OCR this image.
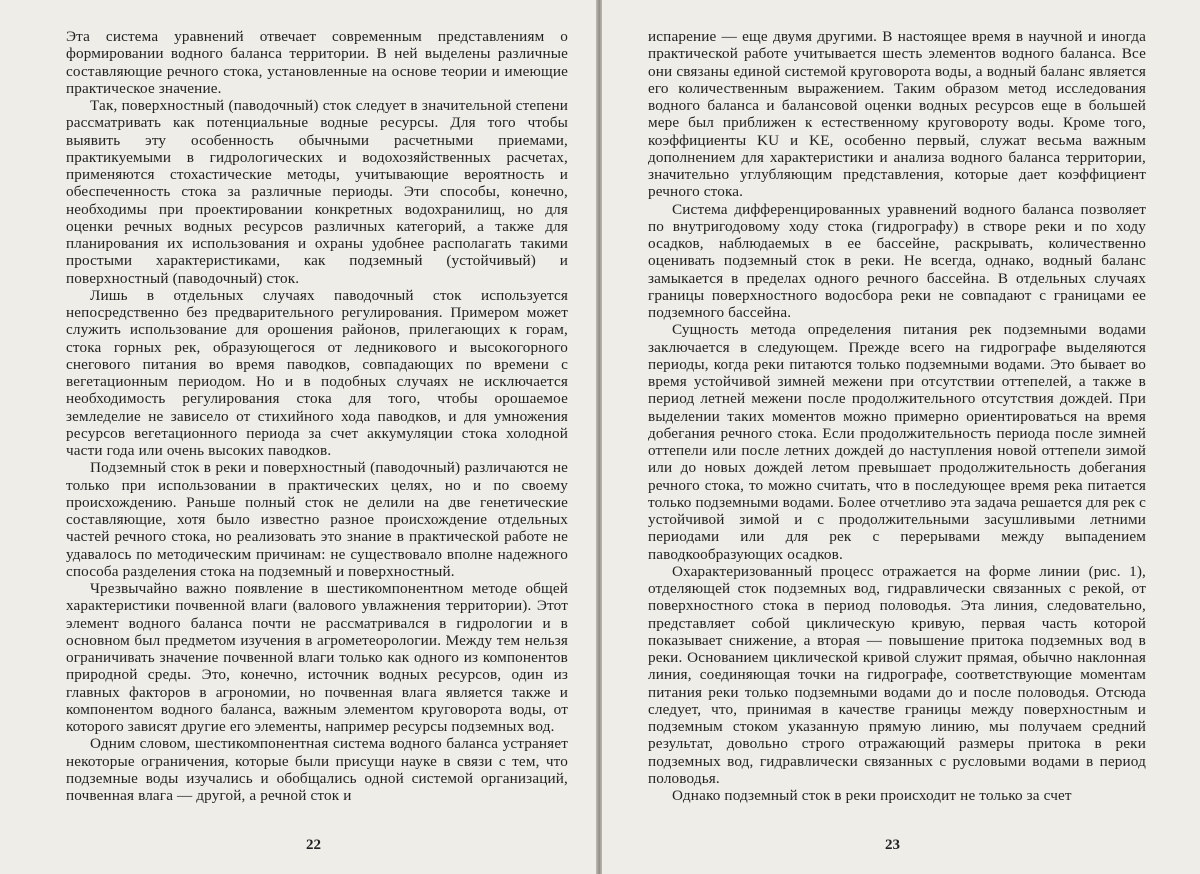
Эта система уравнений отвечает современным представлениям о формировании водного баланса территории. В ней выделены различные составляющие речного стока, установленные на основе теории и имеющие практическое значение.

Так, поверхностный (паводочный) сток следует в значительной степени рассматривать как потенциальные водные ресурсы. Для того чтобы выявить эту особенность обычными расчетными приемами, практикуемыми в гидрологических и водохозяйственных расчетах, применяются стохастические методы, учитывающие вероятность и обеспеченность стока за различные периоды. Эти способы, конечно, необходимы при проектировании конкретных водохранилищ, но для оценки речных водных ресурсов различных категорий, а также для планирования их использования и охраны удобнее располагать такими простыми характеристиками, как подземный (устойчивый) и поверхностный (паводочный) сток.

Лишь в отдельных случаях паводочный сток используется непосредственно без предварительного регулирования. Примером может служить использование для орошения районов, прилегающих к горам, стока горных рек, образующегося от ледникового и высокогорного снегового питания во время паводков, совпадающих по времени с вегетационным периодом. Но и в подобных случаях не исключается необходимость регулирования стока для того, чтобы орошаемое земледелие не зависело от стихийного хода паводков, и для умножения ресурсов вегетационного периода за счет аккумуляции стока холодной части года или очень высоких паводков.

Подземный сток в реки и поверхностный (паводочный) различаются не только при использовании в практических целях, но и по своему происхождению. Раньше полный сток не делили на две генетические составляющие, хотя было известно разное происхождение отдельных частей речного стока, но реализовать это знание в практической работе не удавалось по методическим причинам: не существовало вполне надежного способа разделения стока на подземный и поверхностный.

Чрезвычайно важно появление в шестикомпонентном методе общей характеристики почвенной влаги (валового увлажнения территории). Этот элемент водного баланса почти не рассматривался в гидрологии и в основном был предметом изучения в агрометеорологии. Между тем нельзя ограничивать значение почвенной влаги только как одного из компонентов природной среды. Это, конечно, источник водных ресурсов, один из главных факторов в агрономии, но почвенная влага является также и компонентом водного баланса, важным элементом круговорота воды, от которого зависят другие его элементы, например ресурсы подземных вод.

Одним словом, шестикомпонентная система водного баланса устраняет некоторые ограничения, которые были присущи науке в связи с тем, что подземные воды изучались и обобщались одной системой организаций, почвенная влага — другой, а речной сток и

22

испарение — еще двумя другими. В настоящее время в научной и иногда практической работе учитывается шесть элементов водного баланса. Все они связаны единой системой круговорота воды, а водный баланс является его количественным выражением. Таким образом метод исследования водного баланса и балансовой оценки водных ресурсов еще в большей мере был приближен к естественному круговороту воды. Кроме того, коэффициенты KU и KE, особенно первый, служат весьма важным дополнением для характеристики и анализа водного баланса территории, значительно углубляющим представления, которые дает коэффициент речного стока.

Система дифференцированных уравнений водного баланса позволяет по внутригодовому ходу стока (гидрографу) в створе реки и по ходу осадков, наблюдаемых в ее бассейне, раскрывать, количественно оценивать подземный сток в реки. Не всегда, однако, водный баланс замыкается в пределах одного речного бассейна. В отдельных случаях границы поверхностного водосбора реки не совпадают с границами ее подземного бассейна.

Сущность метода определения питания рек подземными водами заключается в следующем. Прежде всего на гидрографе выделяются периоды, когда реки питаются только подземными водами. Это бывает во время устойчивой зимней межени при отсутствии оттепелей, а также в период летней межени после продолжительного отсутствия дождей. При выделении таких моментов можно примерно ориентироваться на время добегания речного стока. Если продолжительность периода после зимней оттепели или после летних дождей до наступления новой оттепели зимой или до новых дождей летом превышает продолжительность добегания речного стока, то можно считать, что в последующее время река питается только подземными водами. Более отчетливо эта задача решается для рек с устойчивой зимой и с продолжительными засушливыми летними периодами или для рек с перерывами между выпадением паводкообразующих осадков.

Охарактеризованный процесс отражается на форме линии (рис. 1), отделяющей сток подземных вод, гидравлически связанных с рекой, от поверхностного стока в период половодья. Эта линия, следовательно, представляет собой циклическую кривую, первая часть которой показывает снижение, а вторая — повышение притока подземных вод в реки. Основанием циклической кривой служит прямая, обычно наклонная линия, соединяющая точки на гидрографе, соответствующие моментам питания реки только подземными водами до и после половодья. Отсюда следует, что, принимая в качестве границы между поверхностным и подземным стоком указанную прямую линию, мы получаем средний результат, довольно строго отражающий размеры притока в реки подземных вод, гидравлически связанных с русловыми водами в период половодья.

Однако подземный сток в реки происходит не только за счет

23
